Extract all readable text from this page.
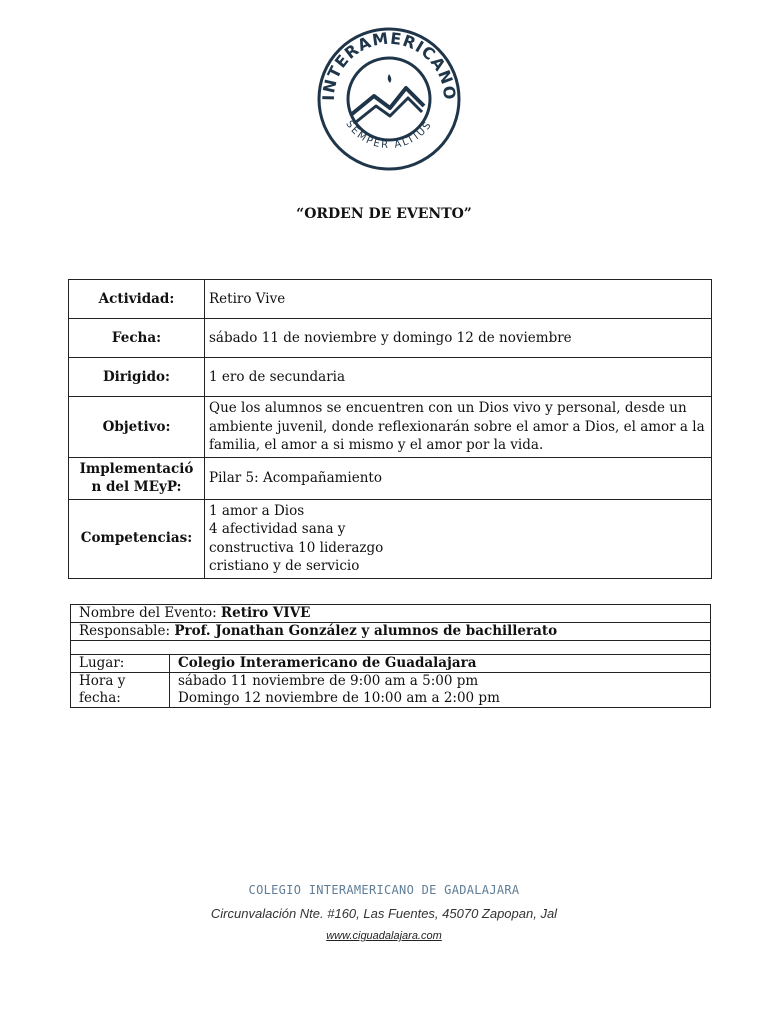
INTERAMERICANO
SEMPER ALTIUS
“ORDEN DE EVENTO”
Actividad:	Retiro Vive

Fecha:	sábado 11 de noviembre y domingo 12 de noviembre

Dirigido:	1 ero de secundaria

Objetivo:	Que los alumnos se encuentren con un Dios vivo y personal, desde un
ambiente juvenil, donde reflexionarán sobre el amor a Dios, el amor a la
familia, el amor a si mismo y el amor por la vida.

Implementació
n del MEyP:	Pilar 5: Acompañamiento

Competencias:	1 amor a Dios
4 afectividad sana y
constructiva 10 liderazgo
cristiano y de servicio
Nombre del Evento: Retiro VIVE	
Responsable: Prof. Jonathan González y alumnos de bachillerato	

Lugar:	Colegio Interamericano de Guadalajara
Hora y fecha:	sábado 11 noviembre de 9:00 am a 5:00 pm
Domingo 12 noviembre de 10:00 am a 2:00 pm
COLEGIO INTERAMERICANO DE GADALAJARA
Circunvalación Nte. #160, Las Fuentes, 45070 Zapopan, Jal
www.ciguadalajara.com
